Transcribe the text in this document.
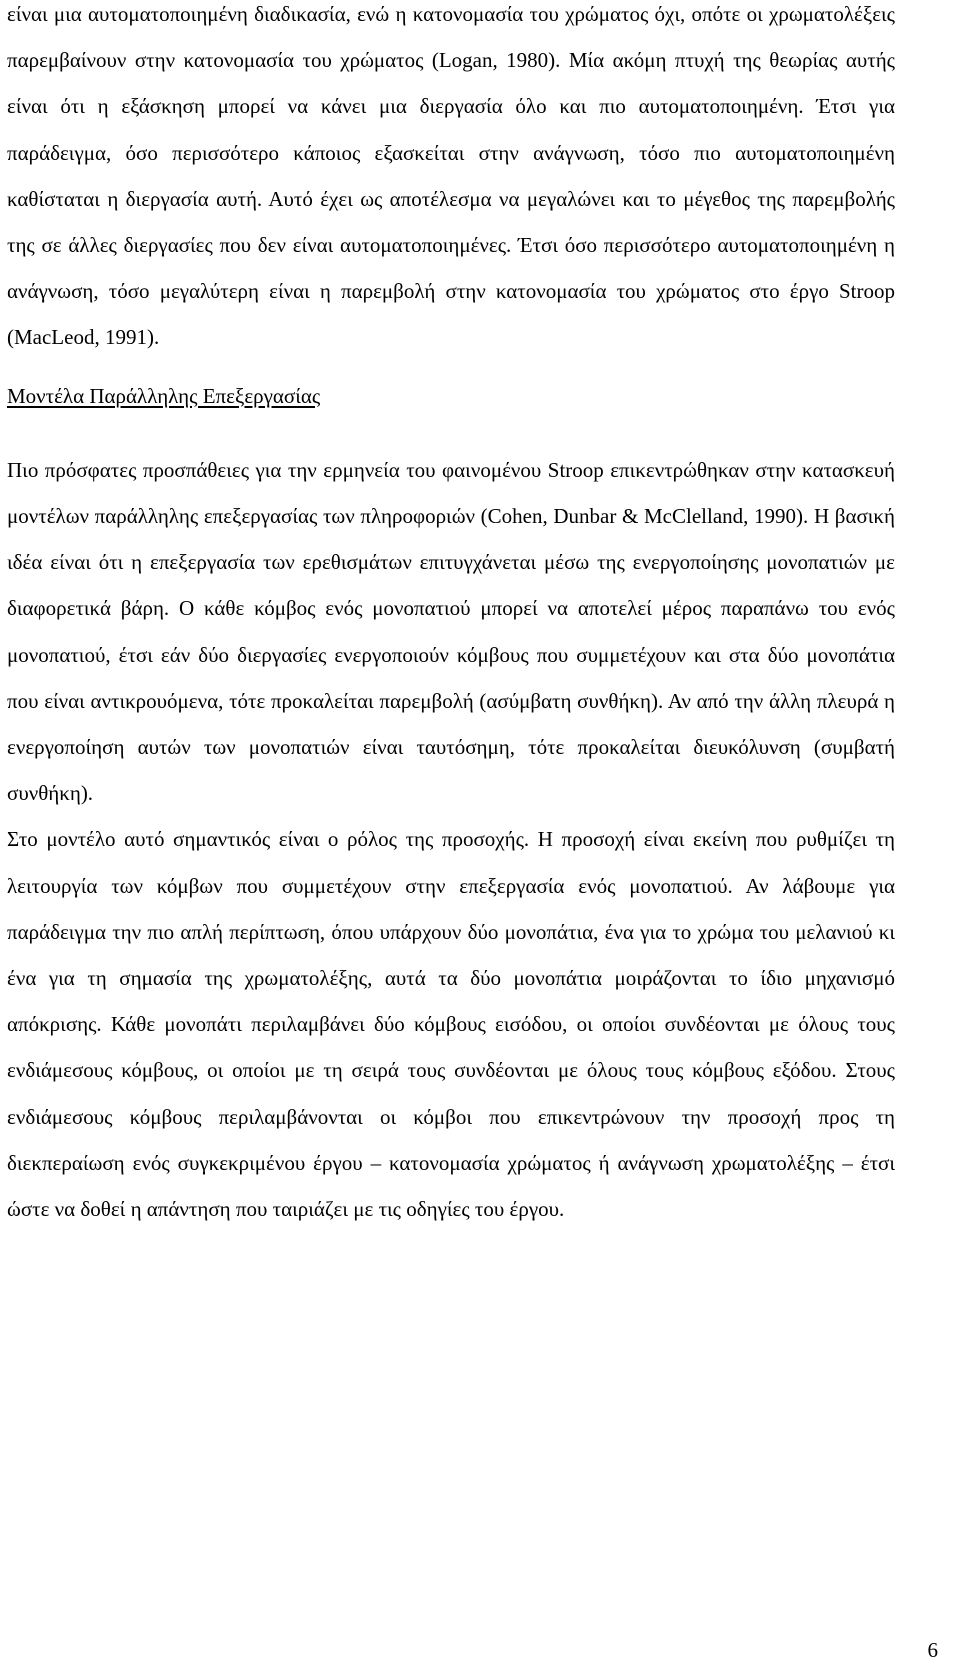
είναι μια αυτοματοποιημένη διαδικασία, ενώ η κατονομασία του χρώματος όχι, οπότε οι χρωματολέξεις παρεμβαίνουν στην κατονομασία του χρώματος (Logan, 1980). Μία ακόμη πτυχή της θεωρίας αυτής είναι ότι η εξάσκηση μπορεί να κάνει μια διεργασία όλο και πιο αυτοματοποιημένη. Έτσι για παράδειγμα, όσο περισσότερο κάποιος εξασκείται στην ανάγνωση, τόσο πιο αυτοματοποιημένη καθίσταται η διεργασία αυτή. Αυτό έχει ως αποτέλεσμα να μεγαλώνει και το μέγεθος της παρεμβολής της σε άλλες διεργασίες που δεν είναι αυτοματοποιημένες. Έτσι όσο περισσότερο αυτοματοποιημένη η ανάγνωση, τόσο μεγαλύτερη είναι η παρεμβολή στην κατονομασία του χρώματος στο έργο Stroop (MacLeod, 1991).

Μοντέλα Παράλληλης Επεξεργασίας

Πιο πρόσφατες προσπάθειες για την ερμηνεία του φαινομένου Stroop επικεντρώθηκαν στην κατασκευή μοντέλων παράλληλης επεξεργασίας των πληροφοριών (Cohen, Dunbar & McClelland, 1990). Η βασική ιδέα είναι ότι η επεξεργασία των ερεθισμάτων επιτυγχάνεται μέσω της ενεργοποίησης μονοπατιών με διαφορετικά βάρη. Ο κάθε κόμβος ενός μονοπατιού μπορεί να αποτελεί μέρος παραπάνω του ενός μονοπατιού, έτσι εάν δύο διεργασίες ενεργοποιούν κόμβους που συμμετέχουν και στα δύο μονοπάτια που είναι αντικρουόμενα, τότε προκαλείται παρεμβολή (ασύμβατη συνθήκη). Αν από την άλλη πλευρά η ενεργοποίηση αυτών των μονοπατιών είναι ταυτόσημη, τότε προκαλείται διευκόλυνση (συμβατή συνθήκη).

Στο μοντέλο αυτό σημαντικός είναι ο ρόλος της προσοχής. Η προσοχή είναι εκείνη που ρυθμίζει τη λειτουργία των κόμβων που συμμετέχουν στην επεξεργασία ενός μονοπατιού. Αν λάβουμε για παράδειγμα την πιο απλή περίπτωση, όπου υπάρχουν δύο μονοπάτια, ένα για το χρώμα του μελανιού κι ένα για τη σημασία της χρωματολέξης, αυτά τα δύο μονοπάτια μοιράζονται το ίδιο μηχανισμό απόκρισης. Κάθε μονοπάτι περιλαμβάνει δύο κόμβους εισόδου, οι οποίοι συνδέονται με όλους τους ενδιάμεσους κόμβους, οι οποίοι με τη σειρά τους συνδέονται με όλους τους κόμβους εξόδου. Στους ενδιάμεσους κόμβους περιλαμβάνονται οι κόμβοι που επικεντρώνουν την προσοχή προς τη διεκπεραίωση ενός συγκεκριμένου έργου – κατονομασία χρώματος ή ανάγνωση χρωματολέξης – έτσι ώστε να δοθεί η απάντηση που ταιριάζει με τις οδηγίες του έργου.

6
